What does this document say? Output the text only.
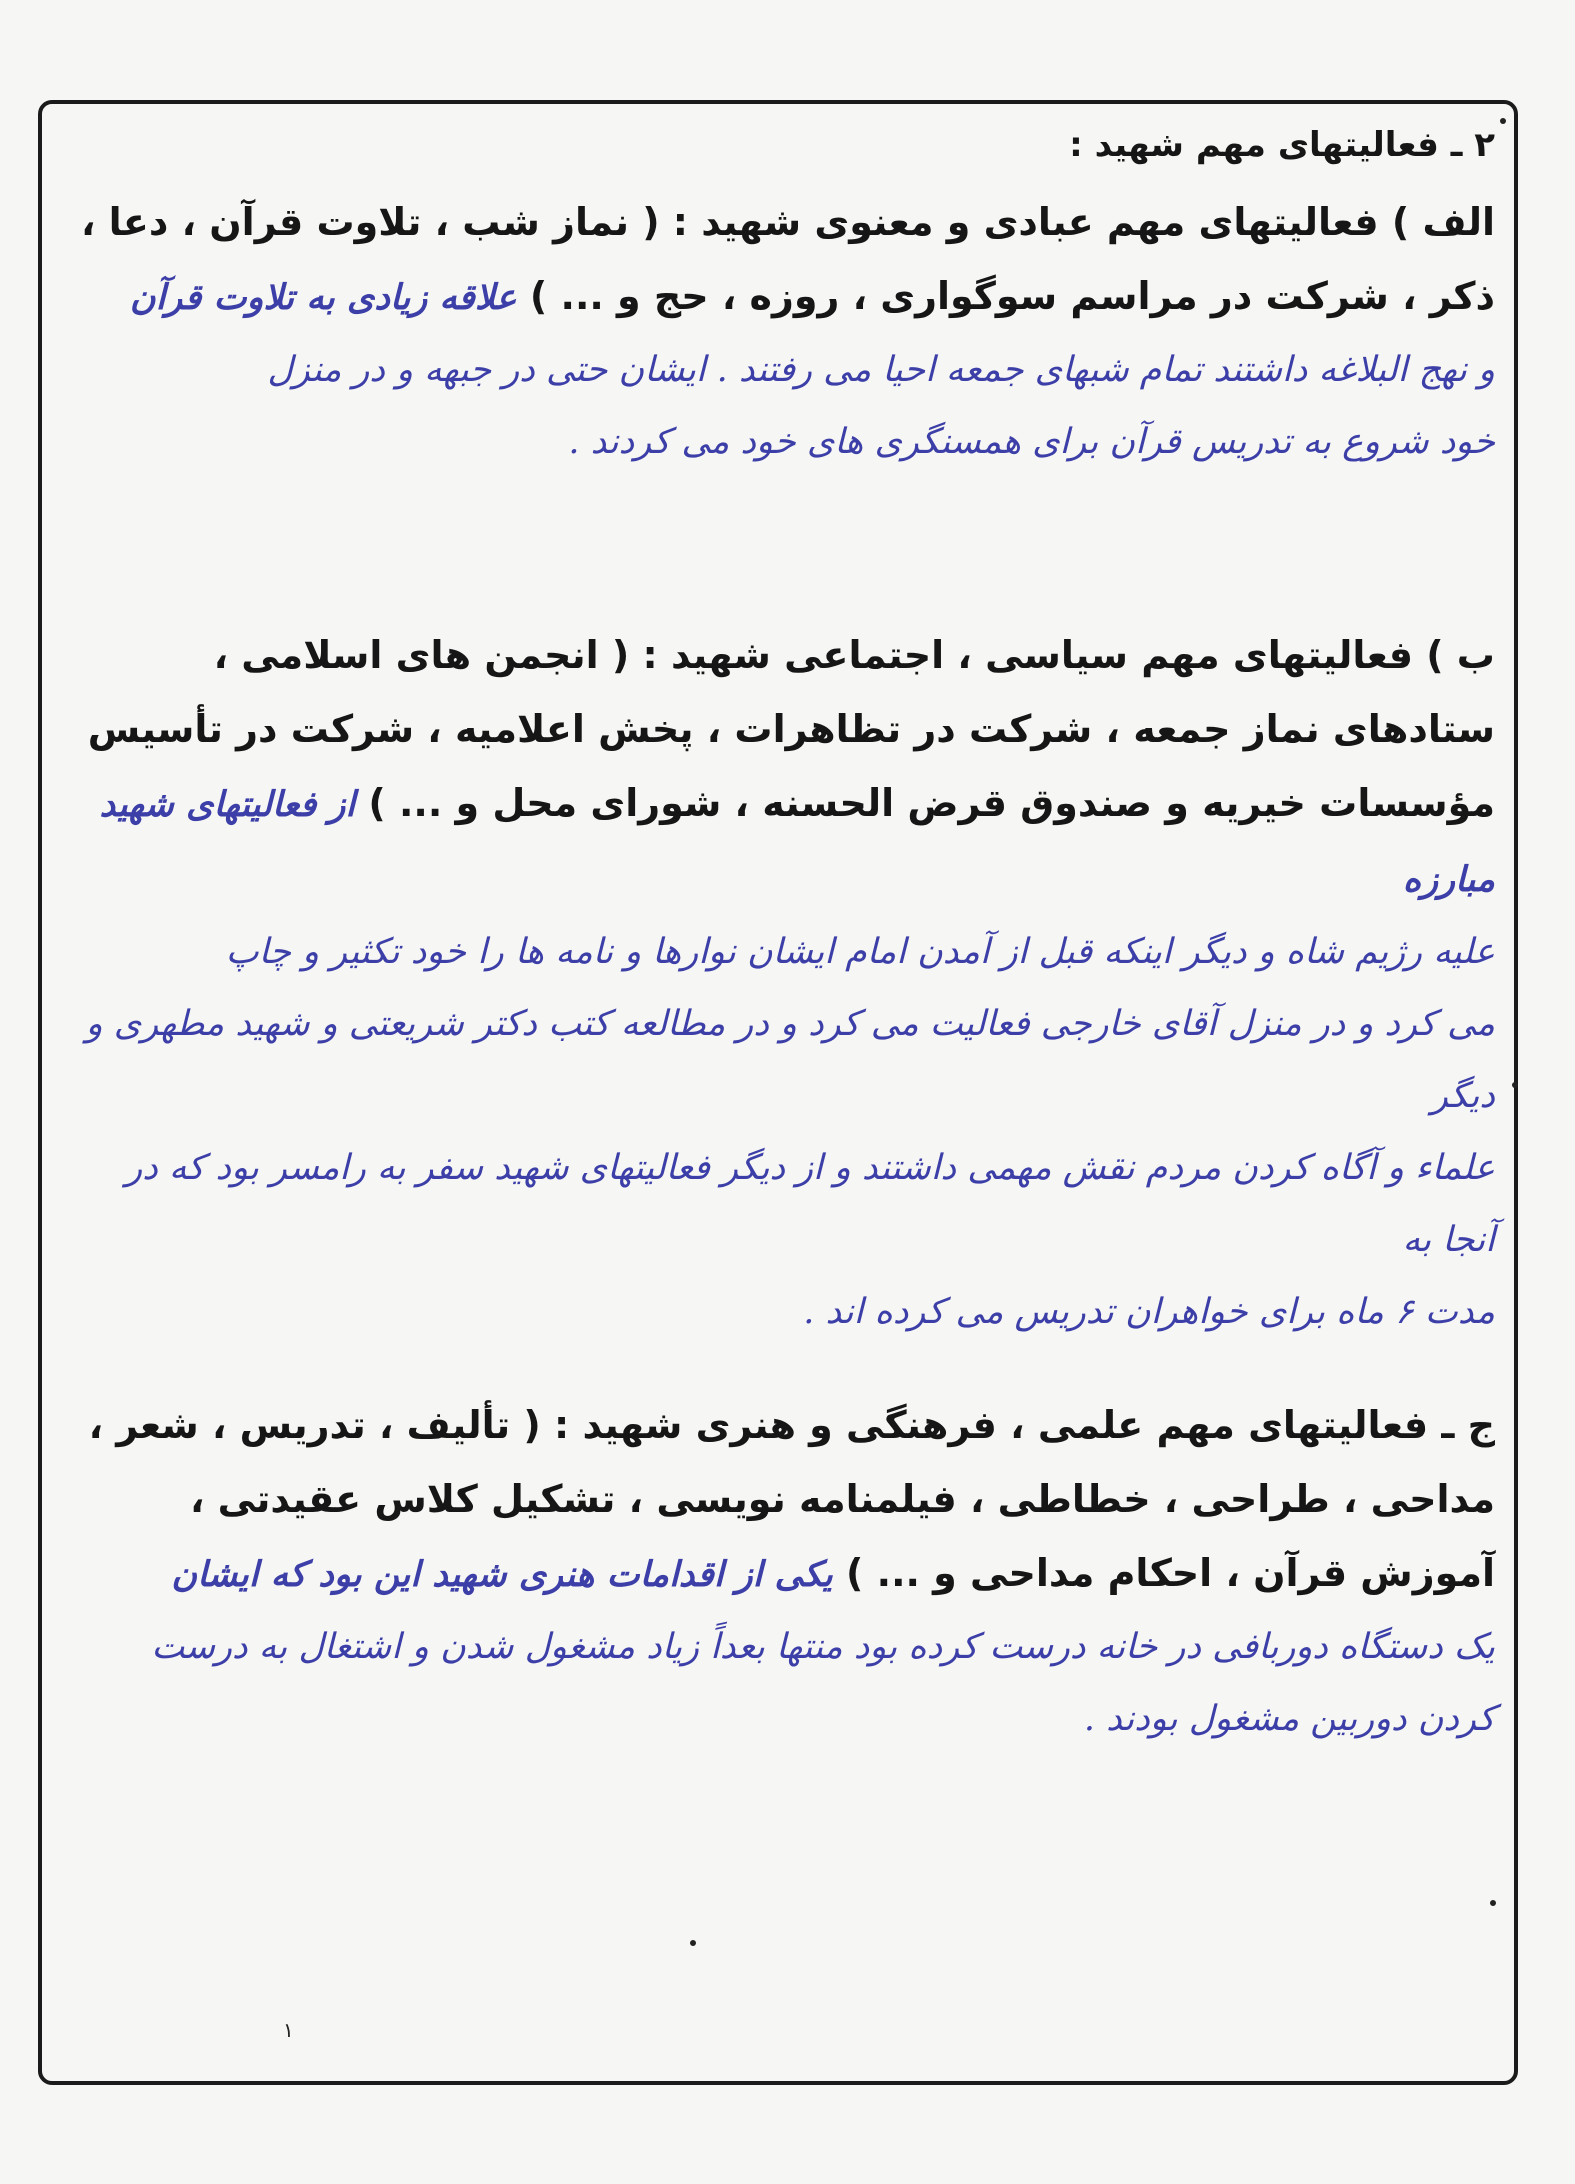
۲ ـ فعالیتهای مهم شهید :

الف ) فعالیتهای مهم عبادی و معنوی شهید : ( نماز شب ، تلاوت قرآن ، دعا ، ذکر ، شرکت در مراسم سوگواری ، روزه ، حج و ... ) علاقه زیادی به تلاوت قرآن

و نهج البلاغه داشتند تمام شبهای جمعه احیا می رفتند . ایشان حتی در جبهه و در منزل
خود شروع به تدریس قرآن برای همسنگری های خود می کردند .

ب ) فعالیتهای مهم سیاسی ، اجتماعی شهید : ( انجمن های اسلامی ، ستادهای نماز جمعه ، شرکت در تظاهرات ، پخش اعلامیه ، شرکت در تأسیس مؤسسات خیریه و صندوق قرض الحسنه ، شورای محل و ... ) از فعالیتهای شهید مبارزه

علیه رژیم شاه و دیگر اینکه قبل از آمدن امام ایشان نوارها و نامه ها را خود تکثیر و چاپ
می کرد و در منزل آقای خارجی فعالیت می کرد و در مطالعه کتب دکتر شریعتی و شهید مطهری و دیگر
علماء و آگاه کردن مردم نقش مهمی داشتند و از دیگر فعالیتهای شهید سفر به رامسر بود که در آنجا به
مدت ۶ ماه برای خواهران تدریس می کرده اند .

ج ـ فعالیتهای مهم علمی ، فرهنگی و هنری شهید : ( تألیف ، تدریس ، شعر ، مداحی ، طراحی ، خطاطی ، فیلمنامه نویسی ، تشکیل کلاس عقیدتی ، آموزش قرآن ، احکام مداحی و ... ) یکی از اقدامات هنری شهید این بود که ایشان

یک دستگاه دوربافی در خانه درست کرده بود منتها بعداً زیاد مشغول شدن و اشتغال به درست
کردن دوربین مشغول بودند .
۱
